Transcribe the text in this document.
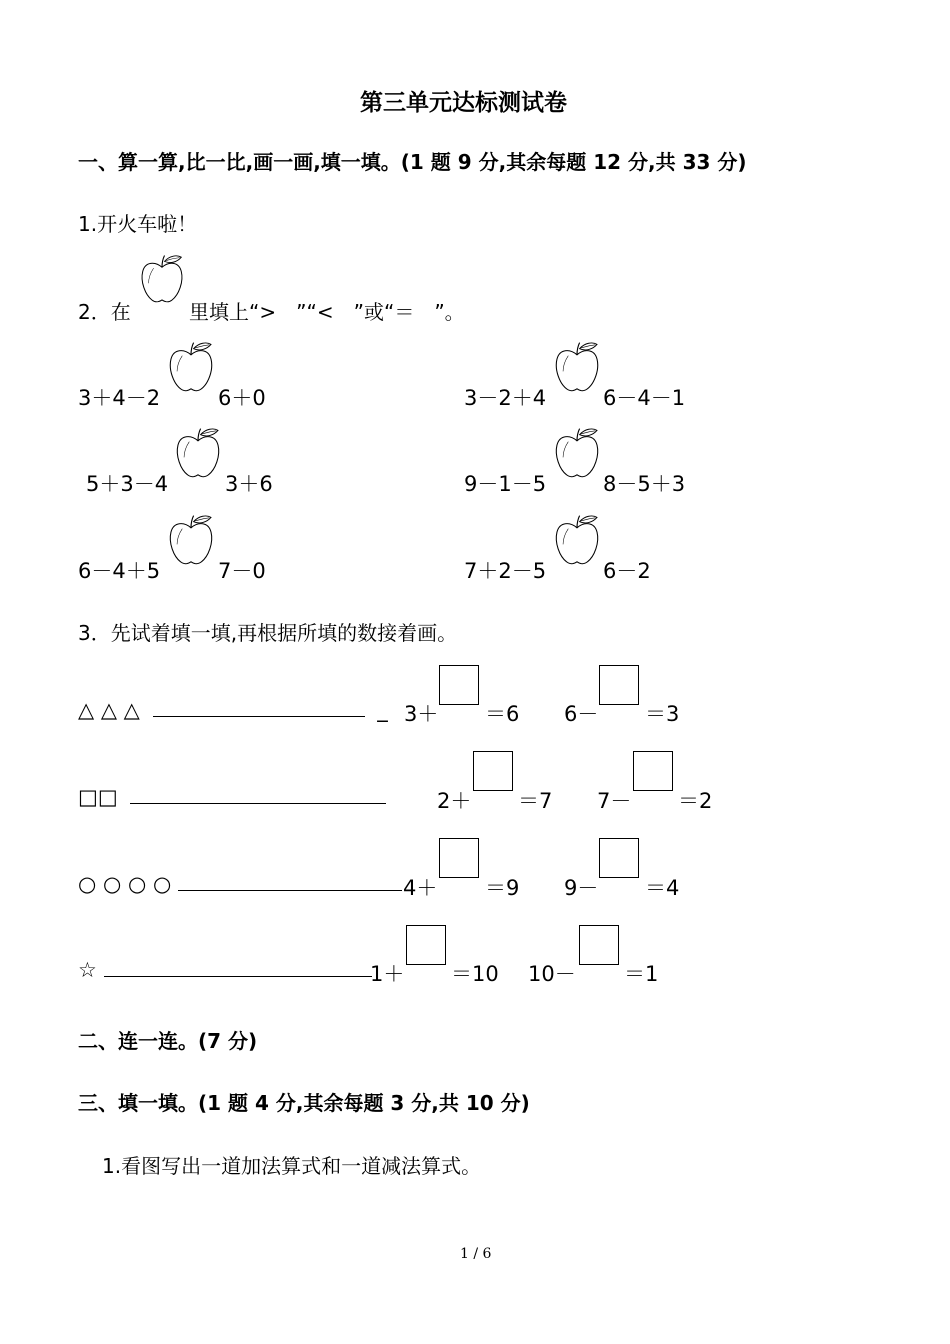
第三单元达标测试卷
一、算一算,比一比,画一画,填一填。(1 题 9 分,其余每题 12 分,共 33 分)
1.开火车啦！
2．在	里填上“>　”“<　”或“＝　”。
3＋4－2	6＋0	3－2＋4	6－4－1
5＋3－4	3＋6	9－1－5	8－5＋3
6－4＋5	7－0	7＋2－5	6－2
3．先试着填一填,再根据所填的数接着画。
△ △ △	_ 3＋ ＝6 6－ ＝3
□□	2＋ ＝7 7－ ＝2
○ ○ ○ ○	4＋ ＝9 9－ ＝4
☆	1＋ ＝10 10－ ＝1
二、连一连。(7 分)
三、填一填。(1 题 4 分,其余每题 3 分,共 10 分)
1.看图写出一道加法算式和一道减法算式。
1 / 6
